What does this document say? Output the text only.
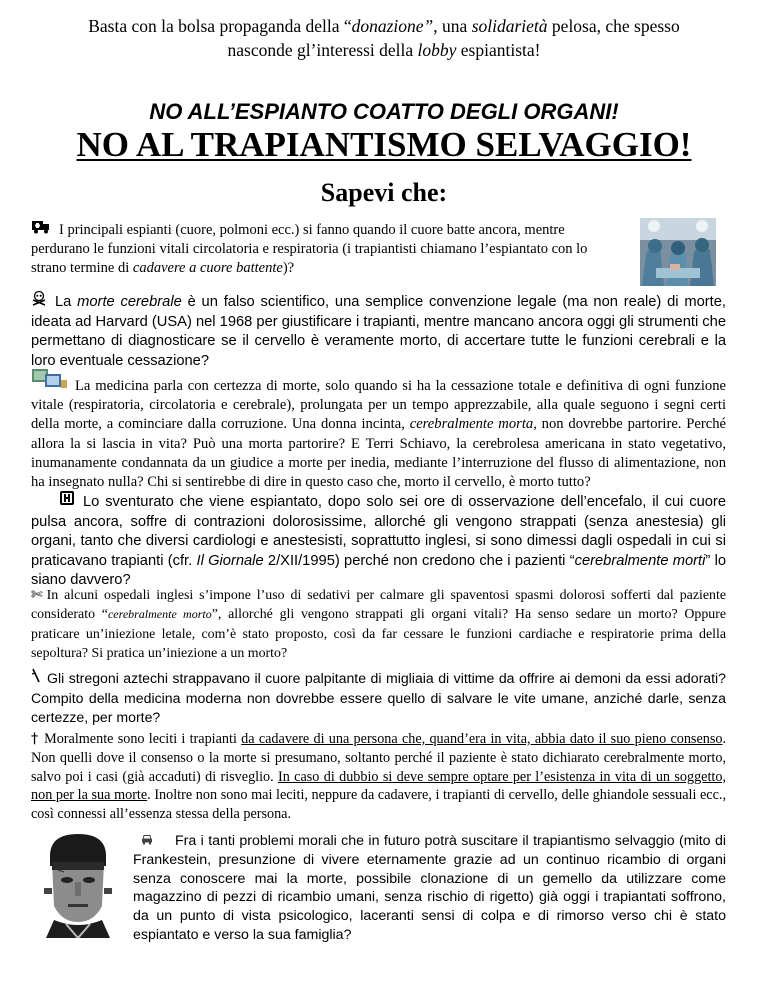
Basta con la bolsa propaganda della “donazione”, una solidarietà pelosa, che spesso nasconde gl’interessi della lobby espiantista!
NO ALL’ESPIANTO COATTO DEGLI ORGANI!
NO AL TRAPIANTISMO SELVAGGIO!
Sapevi che:
I principali espianti (cuore, polmoni ecc.) si fanno quando il cuore batte ancora, mentre perdurano le funzioni vitali circolatoria e respiratoria (i trapiantisti chiamano l’espiantato con lo strano termine di cadavere a cuore battente)?
La morte cerebrale è un falso scientifico, una semplice convenzione legale (ma non reale) di morte, ideata ad Harvard (USA) nel 1968 per giustificare i trapianti, mentre mancano ancora oggi gli strumenti che permettano di diagnosticare se il cervello è veramente morto, di accertare tutte le funzioni cerebrali e la loro eventuale cessazione?
La medicina parla con certezza di morte, solo quando si ha la cessazione totale e definitiva di ogni funzione vitale (respiratoria, circolatoria e cerebrale), prolungata per un tempo apprezzabile, alla quale seguono i segni certi della morte, a cominciare dalla corruzione. Una donna incinta, cerebralmente morta, non dovrebbe partorire. Perché allora la si lascia in vita? Può una morta partorire? E Terri Schiavo, la cerebrolesa americana in stato vegetativo, inumanamente condannata da un giudice a morte per inedia, mediante l’interruzione del flusso di alimentazione, non ha insegnato nulla? Chi si sentirebbe di dire in questo caso che, morto il cervello, è morto tutto?
Lo sventurato che viene espiantato, dopo solo sei ore di osservazione dell’encefalo, il cui cuore pulsa ancora, soffre di contrazioni dolorosissime, allorché gli vengono strappati (senza anestesia) gli organi, tanto che diversi cardiologi e anestesisti, soprattutto inglesi, si sono dimessi dagli ospedali in cui si praticavano trapianti (cfr. Il Giornale 2/XII/1995) perché non credono che i pazienti “cerebralmente morti” lo siano davvero?
✄ In alcuni ospedali inglesi s’impone l’uso di sedativi per calmare gli spaventosi spasmi dolorosi sofferti dal paziente considerato “cerebralmente morto”, allorché gli vengono strappati gli organi vitali? Ha senso sedare un morto? Oppure praticare un’iniezione letale, com’è stato proposto, così da far cessare le funzioni cardiache e respiratorie prima della sepoltura? Si pratica un’iniezione a un morto?
Gli stregoni aztechi strappavano il cuore palpitante di migliaia di vittime da offrire ai demoni da essi adorati? Compito della medicina moderna non dovrebbe essere quello di salvare le vite umane, anziché darle, senza certezze, per morte?
† Moralmente sono leciti i trapianti da cadavere di una persona che, quand’era in vita, abbia dato il suo pieno consenso. Non quelli dove il consenso o la morte si presumano, soltanto perché il paziente è stato dichiarato cerebralmente morto, salvo poi i casi (già accaduti) di risveglio. In caso di dubbio si deve sempre optare per l’esistenza in vita di un soggetto, non per la sua morte. Inoltre non sono mai leciti, neppure da cadavere, i trapianti di cervello, delle ghiandole sessuali ecc., così connessi all’essenza stessa della persona.
Fra i tanti problemi morali che in futuro potrà suscitare il trapiantismo selvaggio (mito di Frankestein, presunzione di vivere eternamente grazie ad un continuo ricambio di organi senza conoscere mai la morte, possibile clonazione di un gemello da utilizzare come magazzino di pezzi di ricambio umani, senza rischio di rigetto) già oggi i trapiantati soffrono, da un punto di vista psicologico, laceranti sensi di colpa e di rimorso verso chi è stato espiantato e verso la sua famiglia?
